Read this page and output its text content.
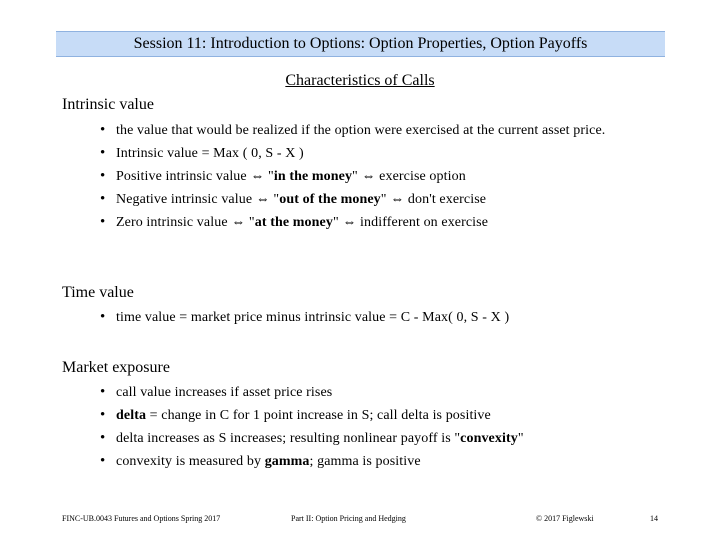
Session 11: Introduction to Options: Option Properties, Option Payoffs
Characteristics of Calls
Intrinsic value
• the value that would be realized if the option were exercised at the current asset price.
• Intrinsic value = Max ( 0, S - X )
• Positive intrinsic value ⇔ "in the money" ⇔ exercise option
• Negative intrinsic value ⇔ "out of the money" ⇔ don't exercise
• Zero intrinsic value ⇔ "at the money" ⇔ indifferent on exercise
Time value
• time value = market price minus intrinsic value = C - Max( 0, S - X )
Market exposure
• call value increases if asset price rises
• delta = change in C for 1 point increase in S; call delta is positive
• delta increases as S increases; resulting nonlinear payoff is "convexity"
• convexity is measured by gamma; gamma is positive
FINC-UB.0043 Futures and Options Spring 2017	Part II: Option Pricing and Hedging	© 2017 Figlewski	14
